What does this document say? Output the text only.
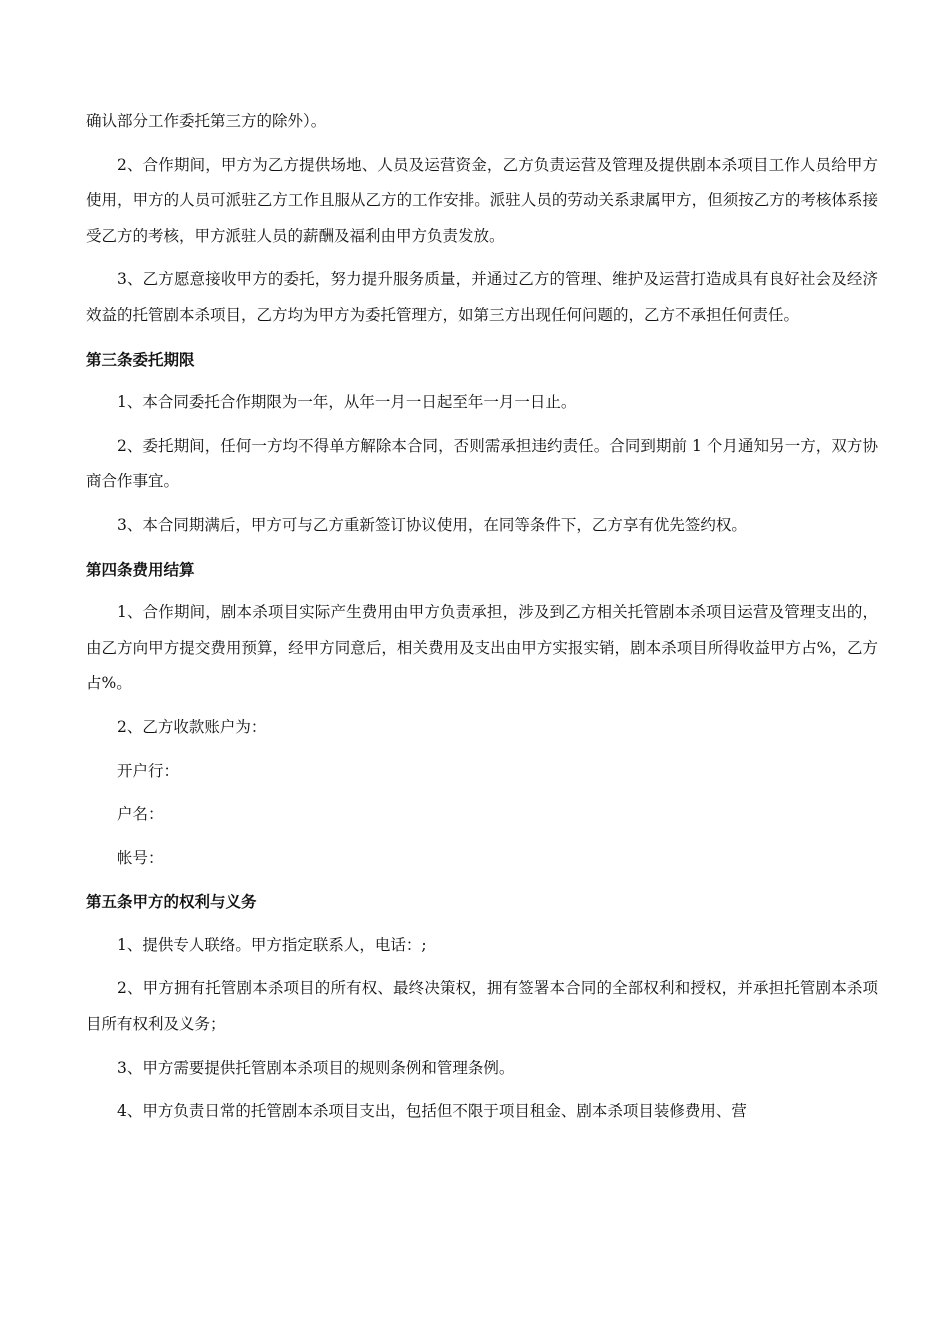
确认部分工作委托第三方的除外）。

2、合作期间，甲方为乙方提供场地、人员及运营资金，乙方负责运营及管理及提供剧本杀项目工作人员给甲方使用，甲方的人员可派驻乙方工作且服从乙方的工作安排。派驻人员的劳动关系隶属甲方，但须按乙方的考核体系接受乙方的考核，甲方派驻人员的薪酬及福利由甲方负责发放。

3、乙方愿意接收甲方的委托，努力提升服务质量，并通过乙方的管理、维护及运营打造成具有良好社会及经济效益的托管剧本杀项目，乙方均为甲方为委托管理方，如第三方出现任何问题的，乙方不承担任何责任。

第三条委托期限

1、本合同委托合作期限为一年，从年一月一日起至年一月一日止。

2、委托期间，任何一方均不得单方解除本合同，否则需承担违约责任。合同到期前 1 个月通知另一方，双方协商合作事宜。

3、本合同期满后，甲方可与乙方重新签订协议使用，在同等条件下，乙方享有优先签约权。

第四条费用结算

1、合作期间，剧本杀项目实际产生费用由甲方负责承担，涉及到乙方相关托管剧本杀项目运营及管理支出的，由乙方向甲方提交费用预算，经甲方同意后，相关费用及支出由甲方实报实销，剧本杀项目所得收益甲方占%，乙方占%。

2、乙方收款账户为：

开户行：

户名：

帐号：

第五条甲方的权利与义务

1、提供专人联络。甲方指定联系人，电话：;

2、甲方拥有托管剧本杀项目的所有权、最终决策权，拥有签署本合同的全部权利和授权，并承担托管剧本杀项目所有权利及义务；

3、甲方需要提供托管剧本杀项目的规则条例和管理条例。

4、甲方负责日常的托管剧本杀项目支出，包括但不限于项目租金、剧本杀项目装修费用、营
